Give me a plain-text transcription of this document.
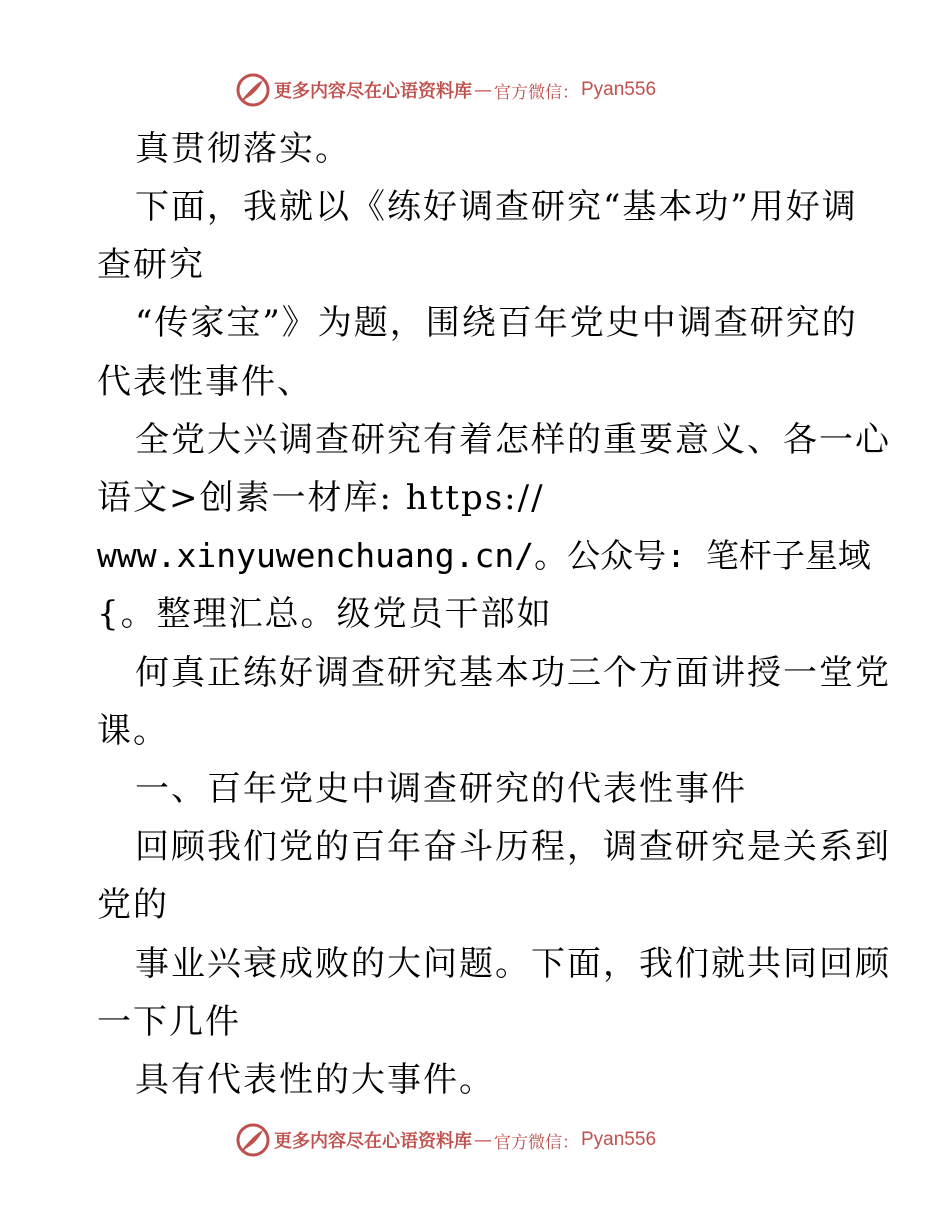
更多内容尽在心语资料库 — 官方微信： Pyan556
真贯彻落实。
下面，我就以《练好调查研究“基本功”用好调
查研究
“传家宝”》为题，围绕百年党史中调查研究的
代表性事件、
全党大兴调查研究有着怎样的重要意义、各一心
语文>创素一材库: https://
www.xinyuwenchuang.cn/。公众号: 笔杆子星域
{。整理汇总。级党员干部如
何真正练好调查研究基本功三个方面讲授一堂党
课。
一、百年党史中调查研究的代表性事件
回顾我们党的百年奋斗历程，调查研究是关系到
党的
事业兴衰成败的大问题。下面，我们就共同回顾
一下几件
具有代表性的大事件。
更多内容尽在心语资料库 — 官方微信： Pyan556
